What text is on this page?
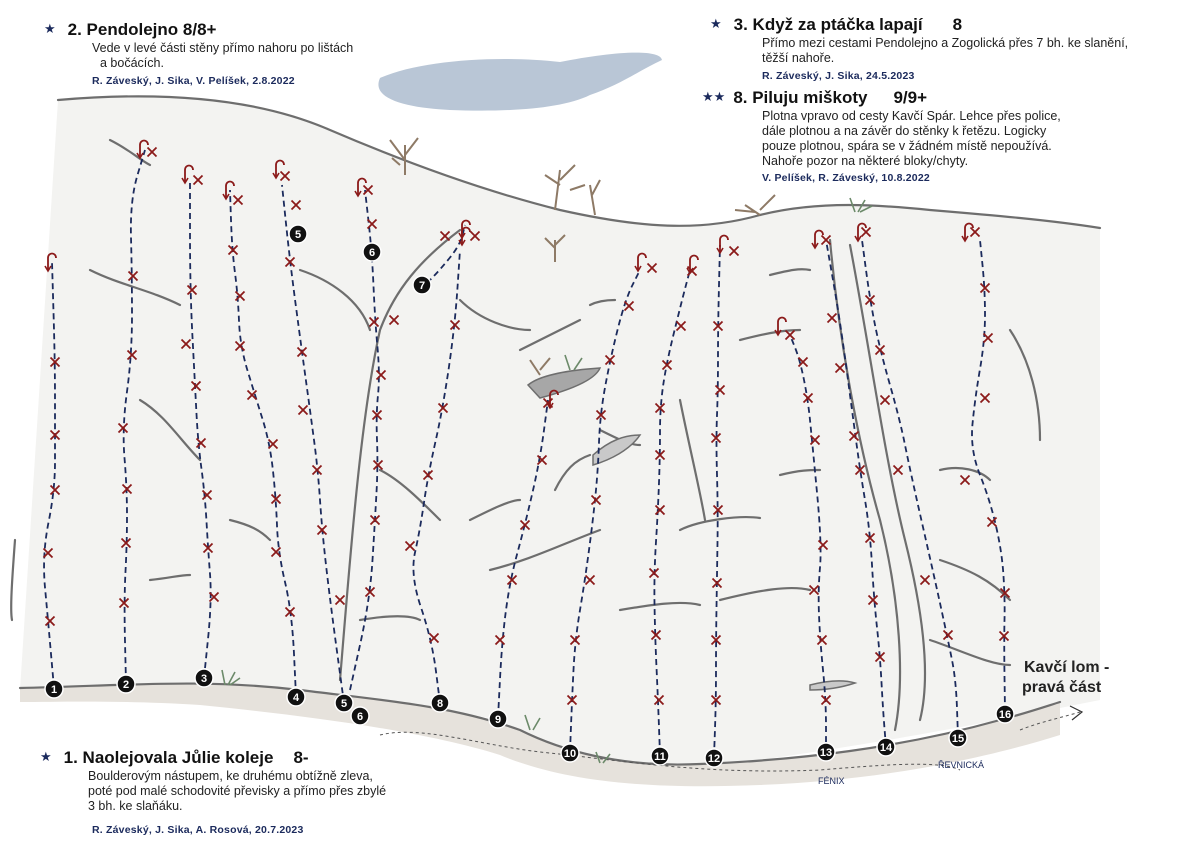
1	2	3
4	5
6
8
9
10	11	12	13	14
15
16
5
6
7
FÉNIX
ŘEVNICKÁ
★ 2. Pendolejno 8/8+
Vede v levé části stěny přímo nahoru po lištách
a bočácích.
R. Záveský, J. Sika, V. Pelíšek, 2.8.2022
★ 3. Když za ptáčka lapají 8
Přímo mezi cestami Pendolejno a Zogolická přes 7 bh. ke slanění,
těžší nahoře.
R. Záveský, J. Sika, 24.5.2023
★★ 8. Piluju miškoty 9/9+
Plotna vpravo od cesty Kavčí Spár. Lehce přes police,
dále plotnou a na závěr do stěnky k řetězu. Logicky
pouze plotnou, spára se v žádném místě nepoužívá.
Nahoře pozor na některé bloky/chyty.
V. Pelíšek, R. Záveský, 10.8.2022
★ 1. Naolejovala Jůlie koleje 8-
Boulderovým nástupem, ke druhému obtížně zleva,
poté pod malé schodovité převisky a přímo přes zbylé
3 bh. ke slaňáku.
R. Záveský, J. Sika, A. Rosová, 20.7.2023
Kavčí lom -
pravá část
